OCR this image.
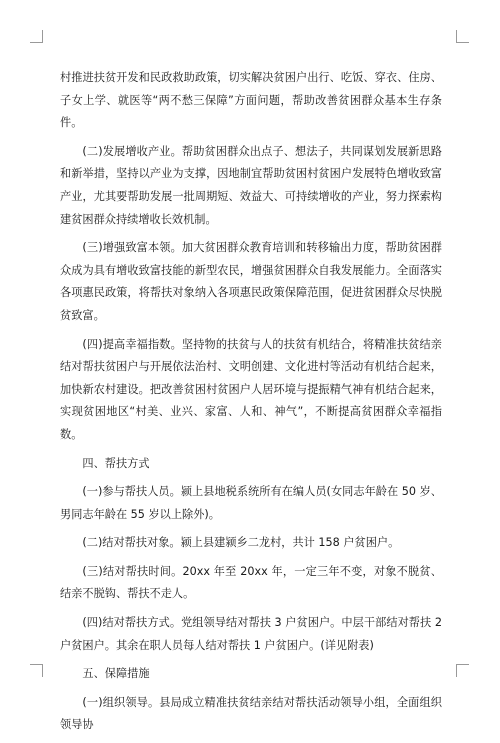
村推进扶贫开发和民政救助政策，切实解决贫困户出行、吃饭、穿衣、住房、子女上学、就医等“两不愁三保障”方面问题，帮助改善贫困群众基本生存条件。

(二)发展增收产业。帮助贫困群众出点子、想法子，共同谋划发展新思路和新举措，坚持以产业为支撑，因地制宜帮助贫困村贫困户发展特色增收致富产业，尤其要帮助发展一批周期短、效益大、可持续增收的产业，努力探索构建贫困群众持续增收长效机制。

(三)增强致富本领。加大贫困群众教育培训和转移输出力度，帮助贫困群众成为具有增收致富技能的新型农民，增强贫困群众自我发展能力。全面落实各项惠民政策，将帮扶对象纳入各项惠民政策保障范围，促进贫困群众尽快脱贫致富。

(四)提高幸福指数。坚持物的扶贫与人的扶贫有机结合，将精准扶贫结亲结对帮扶贫困户与开展依法治村、文明创建、文化进村等活动有机结合起来，加快新农村建设。把改善贫困村贫困户人居环境与提振精气神有机结合起来，实现贫困地区“村美、业兴、家富、人和、神气”，不断提高贫困群众幸福指数。

四、帮扶方式

(一)参与帮扶人员。颍上县地税系统所有在编人员(女同志年龄在 50 岁、男同志年龄在 55 岁以上除外)。

(二)结对帮扶对象。颍上县建颍乡二龙村，共计 158 户贫困户。

(三)结对帮扶时间。20xx 年至 20xx 年，一定三年不变，对象不脱贫、结亲不脱钩、帮扶不走人。

(四)结对帮扶方式。党组领导结对帮扶 3 户贫困户。中层干部结对帮扶 2 户贫困户。其余在职人员每人结对帮扶 1 户贫困户。(详见附表)

五、保障措施

(一)组织领导。县局成立精准扶贫结亲结对帮扶活动领导小组，全面组织领导协
